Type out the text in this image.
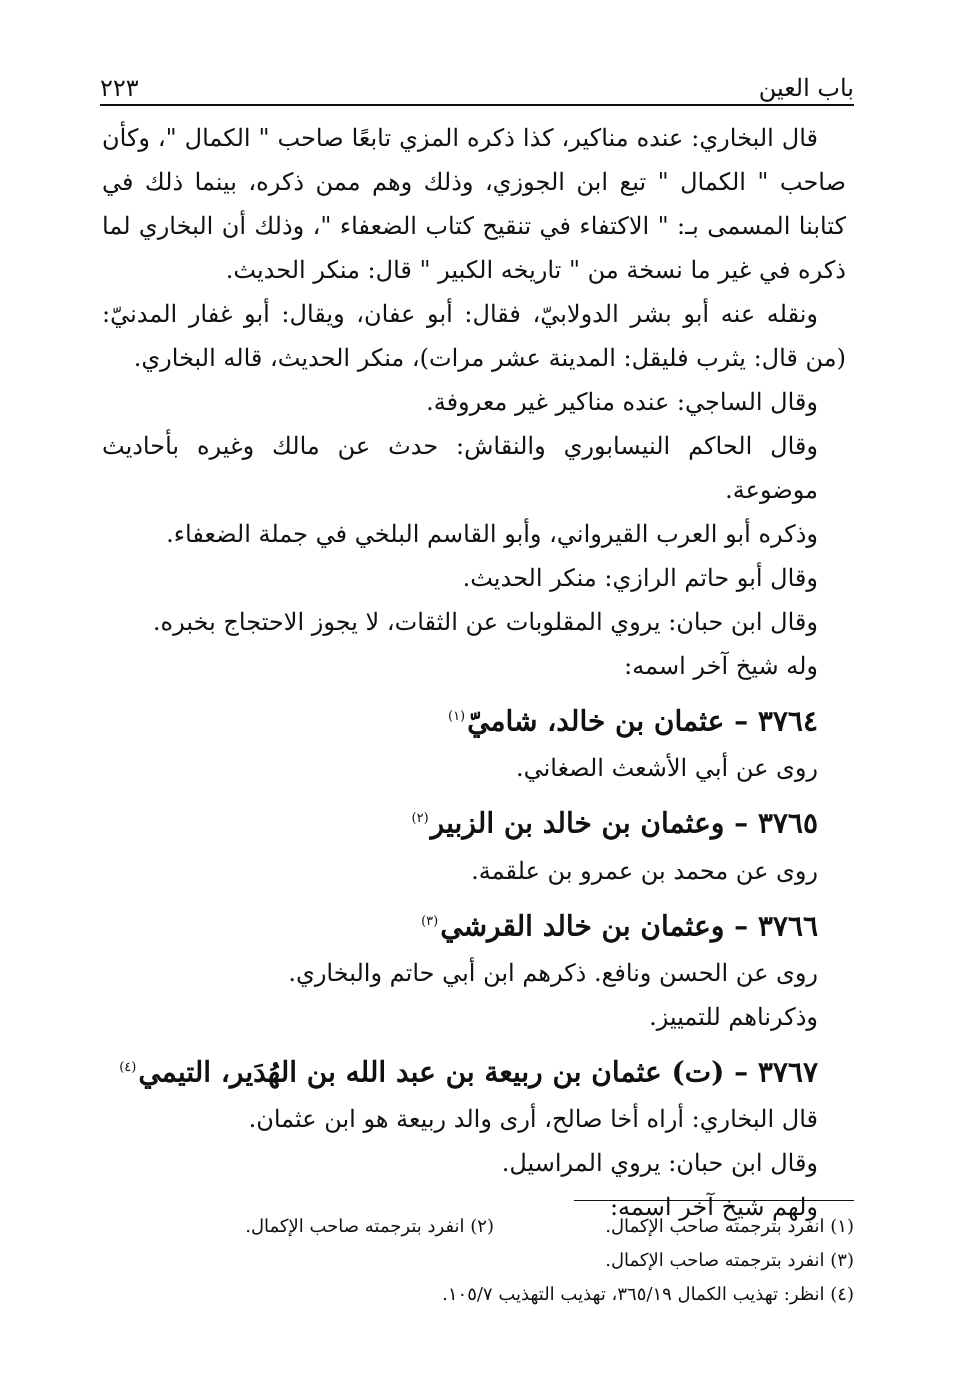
باب العين
٢٢٣

قال البخاري: عنده مناكير، كذا ذكره المزي تابعًا صاحب " الكمال "، وكأن صاحب " الكمال " تبع ابن الجوزي، وذلك وهم ممن ذكره، بينما ذلك في كتابنا المسمى بـ: " الاكتفاء في تنقيح كتاب الضعفاء "، وذلك أن البخاري لما ذكره في غير ما نسخة من " تاريخه الكبير " قال: منكر الحديث.

ونقله عنه أبو بشر الدولابيّ، فقال: أبو عفان، ويقال: أبو غفار المدنيّ: (من قال: يثرب فليقل: المدينة عشر مرات)، منكر الحديث، قاله البخاري.

وقال الساجي: عنده مناكير غير معروفة.

وقال الحاكم النيسابوري والنقاش: حدث عن مالك وغيره بأحاديث موضوعة.

وذكره أبو العرب القيرواني، وأبو القاسم البلخي في جملة الضعفاء.

وقال أبو حاتم الرازي: منكر الحديث.

وقال ابن حبان: يروي المقلوبات عن الثقات، لا يجوز الاحتجاج بخبره.

وله شيخ آخر اسمه:

٣٧٦٤ – عثمان بن خالد، شاميّ$^{(١)}$

روى عن أبي الأشعث الصغاني.

٣٧٦٥ – وعثمان بن خالد بن الزبير$^{(٢)}$

روى عن محمد بن عمرو بن علقمة.

٣٧٦٦ – وعثمان بن خالد القرشي$^{(٣)}$

روى عن الحسن ونافع. ذكرهم ابن أبي حاتم والبخاري.

وذكرناهم للتمييز.

٣٧٦٧ – (ت) عثمان بن ربيعة بن عبد الله بن الهُدَير، التيمي$^{(٤)}$

قال البخاري: أراه أخا صالح، أرى والد ربيعة هو ابن عثمان.

وقال ابن حبان: يروي المراسيل.

ولهم شيخ آخر اسمه:

(١) انفرد بترجمته صاحب الإكمال.
(٢) انفرد بترجمته صاحب الإكمال.
(٣) انفرد بترجمته صاحب الإكمال.
(٤) انظر: تهذيب الكمال ٣٦٥/١٩، تهذيب التهذيب ١٠٥/٧.
